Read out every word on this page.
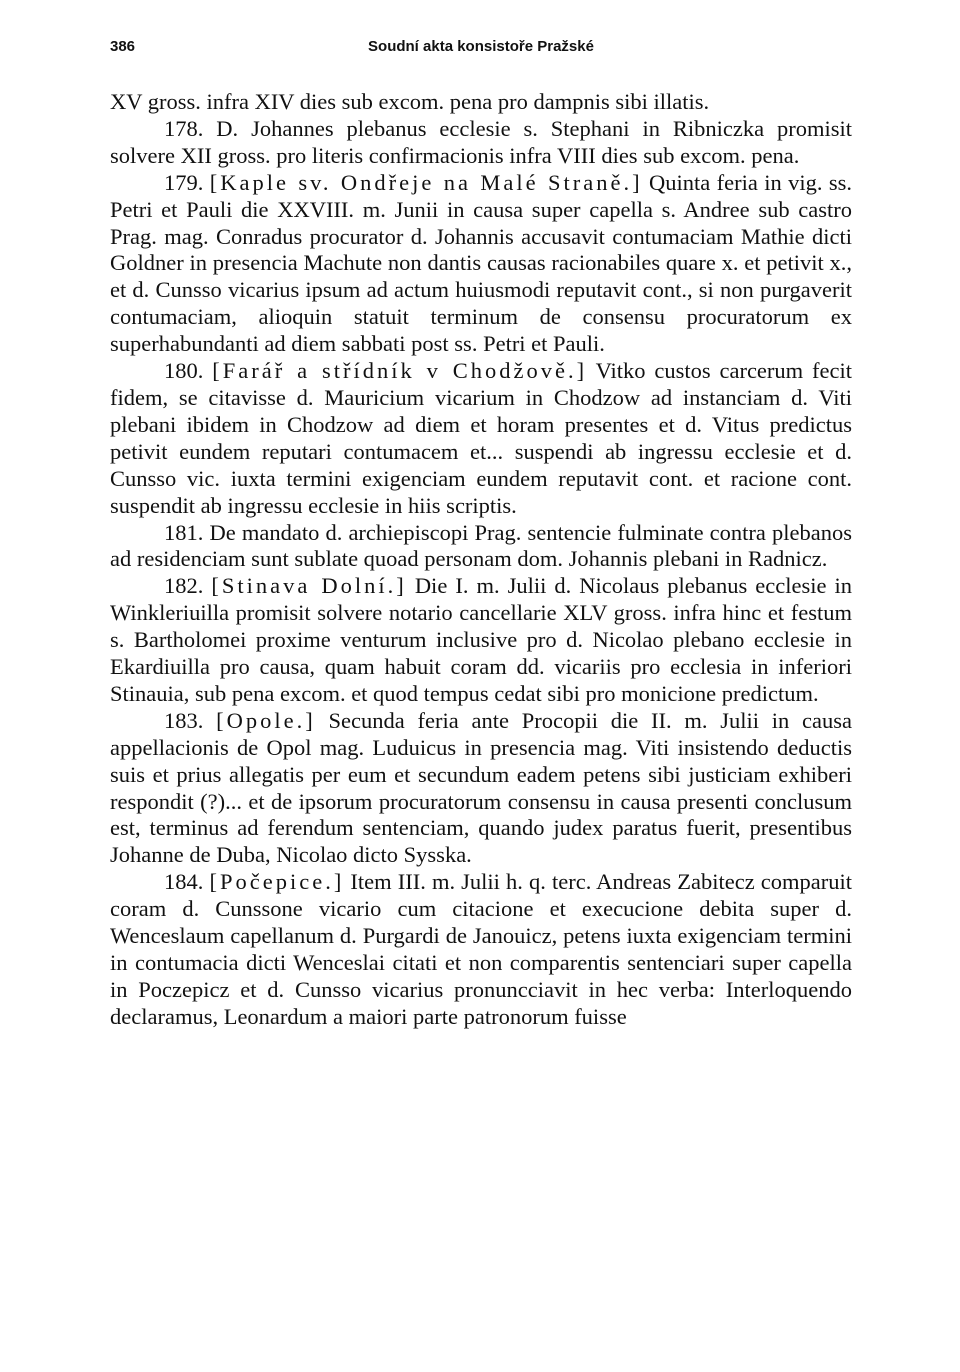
386	Soudní akta konsistoře Pražské

XV gross. infra XIV dies sub excom. pena pro dampnis sibi illatis.

178. D. Johannes plebanus ecclesie s. Stephani in Ribniczka promisit solvere XII gross. pro literis confirmacionis infra VIII dies sub excom. pena.

179. [Kaple sv. Ondřeje na Malé Straně.] Quinta feria in vig. ss. Petri et Pauli die XXVIII. m. Junii in causa super capella s. Andree sub castro Prag. mag. Conradus procurator d. Johannis accusavit contumaciam Mathie dicti Goldner in presencia Machute non dantis causas racionabiles quare x. et petivit x., et d. Cunsso vicarius ipsum ad actum huiusmodi reputavit cont., si non purgaverit contumaciam, alioquin statuit terminum de consensu procuratorum ex superhabundanti ad diem sabbati post ss. Petri et Pauli.

180. [Farář a střídník v Chodžově.] Vitko custos carcerum fecit fidem, se citavisse d. Mauricium vicarium in Chodzow ad instanciam d. Viti plebani ibidem in Chodzow ad diem et horam presentes et d. Vitus predictus petivit eundem reputari contumacem et... suspendi ab ingressu ecclesie et d. Cunsso vic. iuxta termini exigenciam eundem reputavit cont. et racione cont. suspendit ab ingressu ecclesie in hiis scriptis.

181. De mandato d. archiepiscopi Prag. sentencie fulminate contra plebanos ad residenciam sunt sublate quoad personam dom. Johannis plebani in Radnicz.

182. [Stinava Dolní.] Die I. m. Julii d. Nicolaus plebanus ecclesie in Winkleriuilla promisit solvere notario cancellarie XLV gross. infra hinc et festum s. Bartholomei proxime venturum inclusive pro d. Nicolao plebano ecclesie in Ekardiuilla pro causa, quam habuit coram dd. vicariis pro ecclesia in inferiori Stinauia, sub pena excom. et quod tempus cedat sibi pro monicione predictum.

183. [Opole.] Secunda feria ante Procopii die II. m. Julii in causa appellacionis de Opol mag. Luduicus in presencia mag. Viti insistendo deductis suis et prius allegatis per eum et secundum eadem petens sibi justiciam exhiberi respondit (?)... et de ipsorum procuratorum consensu in causa presenti conclusum est, terminus ad ferendum sentenciam, quando judex paratus fuerit, presentibus Johanne de Duba, Nicolao dicto Sysska.

184. [Počepice.] Item III. m. Julii h. q. terc. Andreas Zabitecz comparuit coram d. Cunssone vicario cum citacione et execucione debita super d. Wenceslaum capellanum d. Purgardi de Janouicz, petens iuxta exigenciam termini in contumacia dicti Wenceslai citati et non comparentis sentenciari super capella in Poczepicz et d. Cunsso vicarius pronuncciavit in hec verba: Interloquendo declaramus, Leonardum a maiori parte patronorum fuisse
